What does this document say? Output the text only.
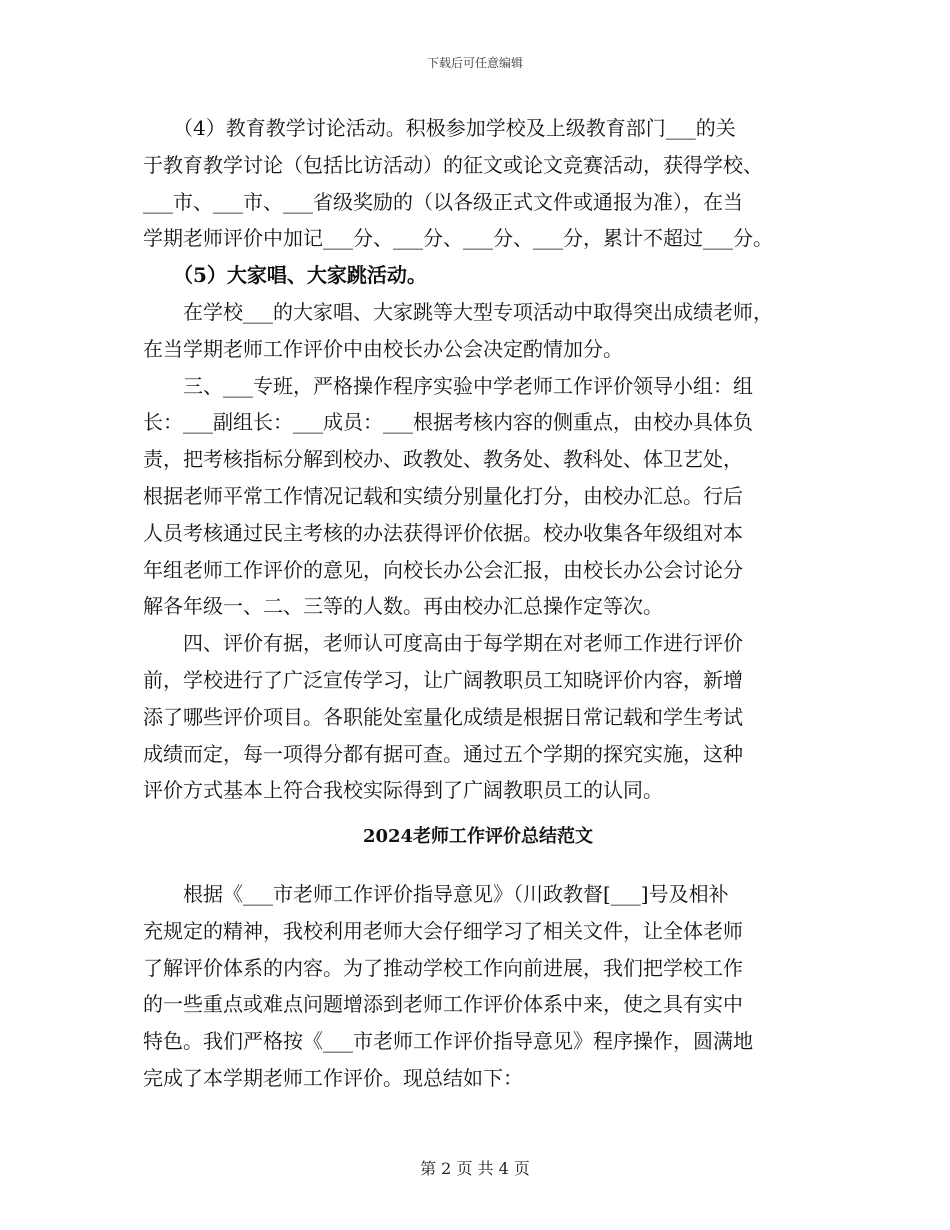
下载后可任意编辑
　　（4）教育教学讨论活动。积极参加学校及上级教育部门___的关
于教育教学讨论（包括比访活动）的征文或论文竞赛活动，获得学校、
___市、___市、___省级奖励的（以各级正式文件或通报为准），在当
学期老师评价中加记___分、___分、___分、___分，累计不超过___分。
　　（5）大家唱、大家跳活动。
　　在学校___的大家唱、大家跳等大型专项活动中取得突出成绩老师，
在当学期老师工作评价中由校长办公会决定酌情加分。
　　三、___专班，严格操作程序实验中学老师工作评价领导小组：组
长：___副组长：___成员：___根据考核内容的侧重点，由校办具体负
责，把考核指标分解到校办、政教处、教务处、教科处、体卫艺处，
根据老师平常工作情况记载和实绩分别量化打分，由校办汇总。行后
人员考核通过民主考核的办法获得评价依据。校办收集各年级组对本
年组老师工作评价的意见，向校长办公会汇报，由校长办公会讨论分
解各年级一、二、三等的人数。再由校办汇总操作定等次。
　　四、评价有据，老师认可度高由于每学期在对老师工作进行评价
前，学校进行了广泛宣传学习，让广阔教职员工知晓评价内容，新增
添了哪些评价项目。各职能处室量化成绩是根据日常记载和学生考试
成绩而定，每一项得分都有据可查。通过五个学期的探究实施，这种
评价方式基本上符合我校实际得到了广阔教职员工的认同。
2024老师工作评价总结范文
　　根据《___市老师工作评价指导意见》（川政教督[___]号及相补
充规定的精神，我校利用老师大会仔细学习了相关文件，让全体老师
了解评价体系的内容。为了推动学校工作向前进展，我们把学校工作
的一些重点或难点问题增添到老师工作评价体系中来，使之具有实中
特色。我们严格按《___市老师工作评价指导意见》程序操作，圆满地
完成了本学期老师工作评价。现总结如下：
第 2 页 共 4 页
